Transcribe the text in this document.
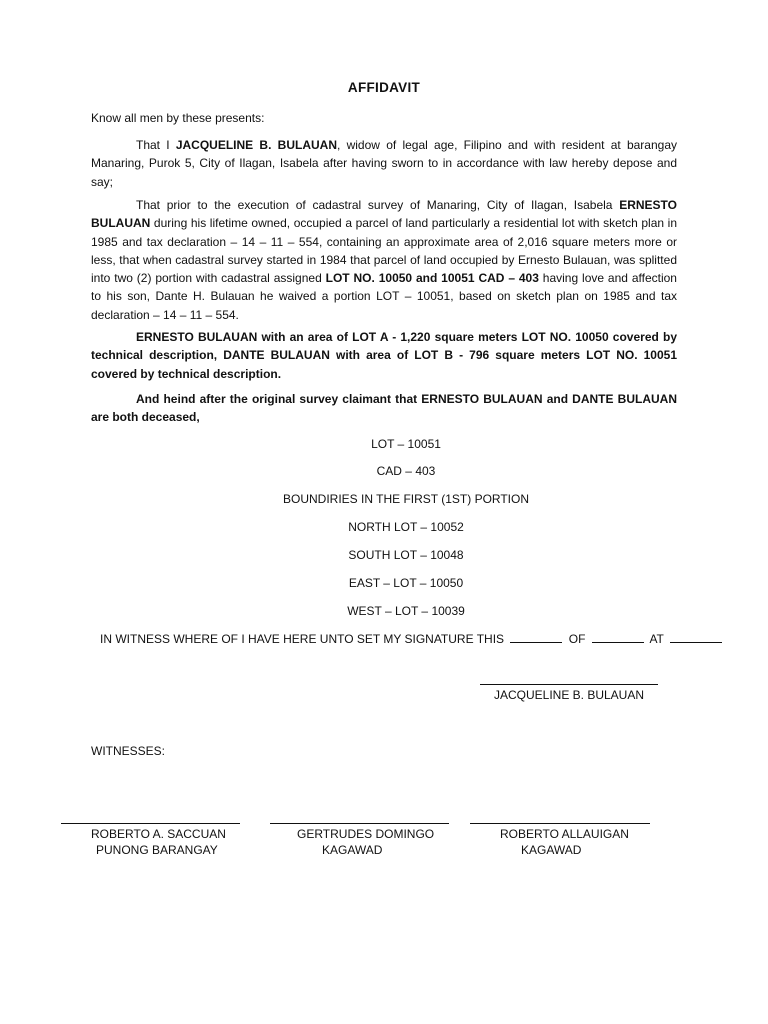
AFFIDAVIT
Know all men by these presents:

That I JACQUELINE B. BULAUAN, widow of legal age, Filipino and with resident at barangay Manaring, Purok 5, City of Ilagan, Isabela after having sworn to in accordance with law hereby depose and say;

That prior to the execution of cadastral survey of Manaring, City of Ilagan, Isabela ERNESTO BULAUAN during his lifetime owned, occupied a parcel of land particularly a residential lot with sketch plan in 1985 and tax declaration – 14 – 11 – 554, containing an approximate area of 2,016 square meters more or less, that when cadastral survey started in 1984 that parcel of land occupied by Ernesto Bulauan, was splitted into two (2) portion with cadastral assigned LOT NO. 10050 and 10051 CAD – 403 having love and affection to his son, Dante H. Bulauan he waived a portion LOT – 10051, based on sketch plan on 1985 and tax declaration – 14 – 11 – 554.

ERNESTO BULAUAN with an area of LOT A - 1,220 square meters LOT NO. 10050 covered by technical description, DANTE BULAUAN with area of LOT B - 796 square meters LOT NO. 10051 covered by technical description.

And heind after the original survey claimant that ERNESTO BULAUAN and DANTE BULAUAN are both deceased,

LOT – 10051
CAD – 403
BOUNDIRIES IN THE FIRST (1ST) PORTION
NORTH LOT – 10052
SOUTH LOT – 10048
EAST – LOT – 10050
WEST – LOT – 10039
IN WITNESS WHERE OF I HAVE HERE UNTO SET MY SIGNATURE THIS	OF	AT
JACQUELINE B. BULAUAN
WITNESSES:
ROBERTO A. SACCUAN
PUNONG BARANGAY
GERTRUDES DOMINGO
KAGAWAD
ROBERTO ALLAUIGAN
KAGAWAD
